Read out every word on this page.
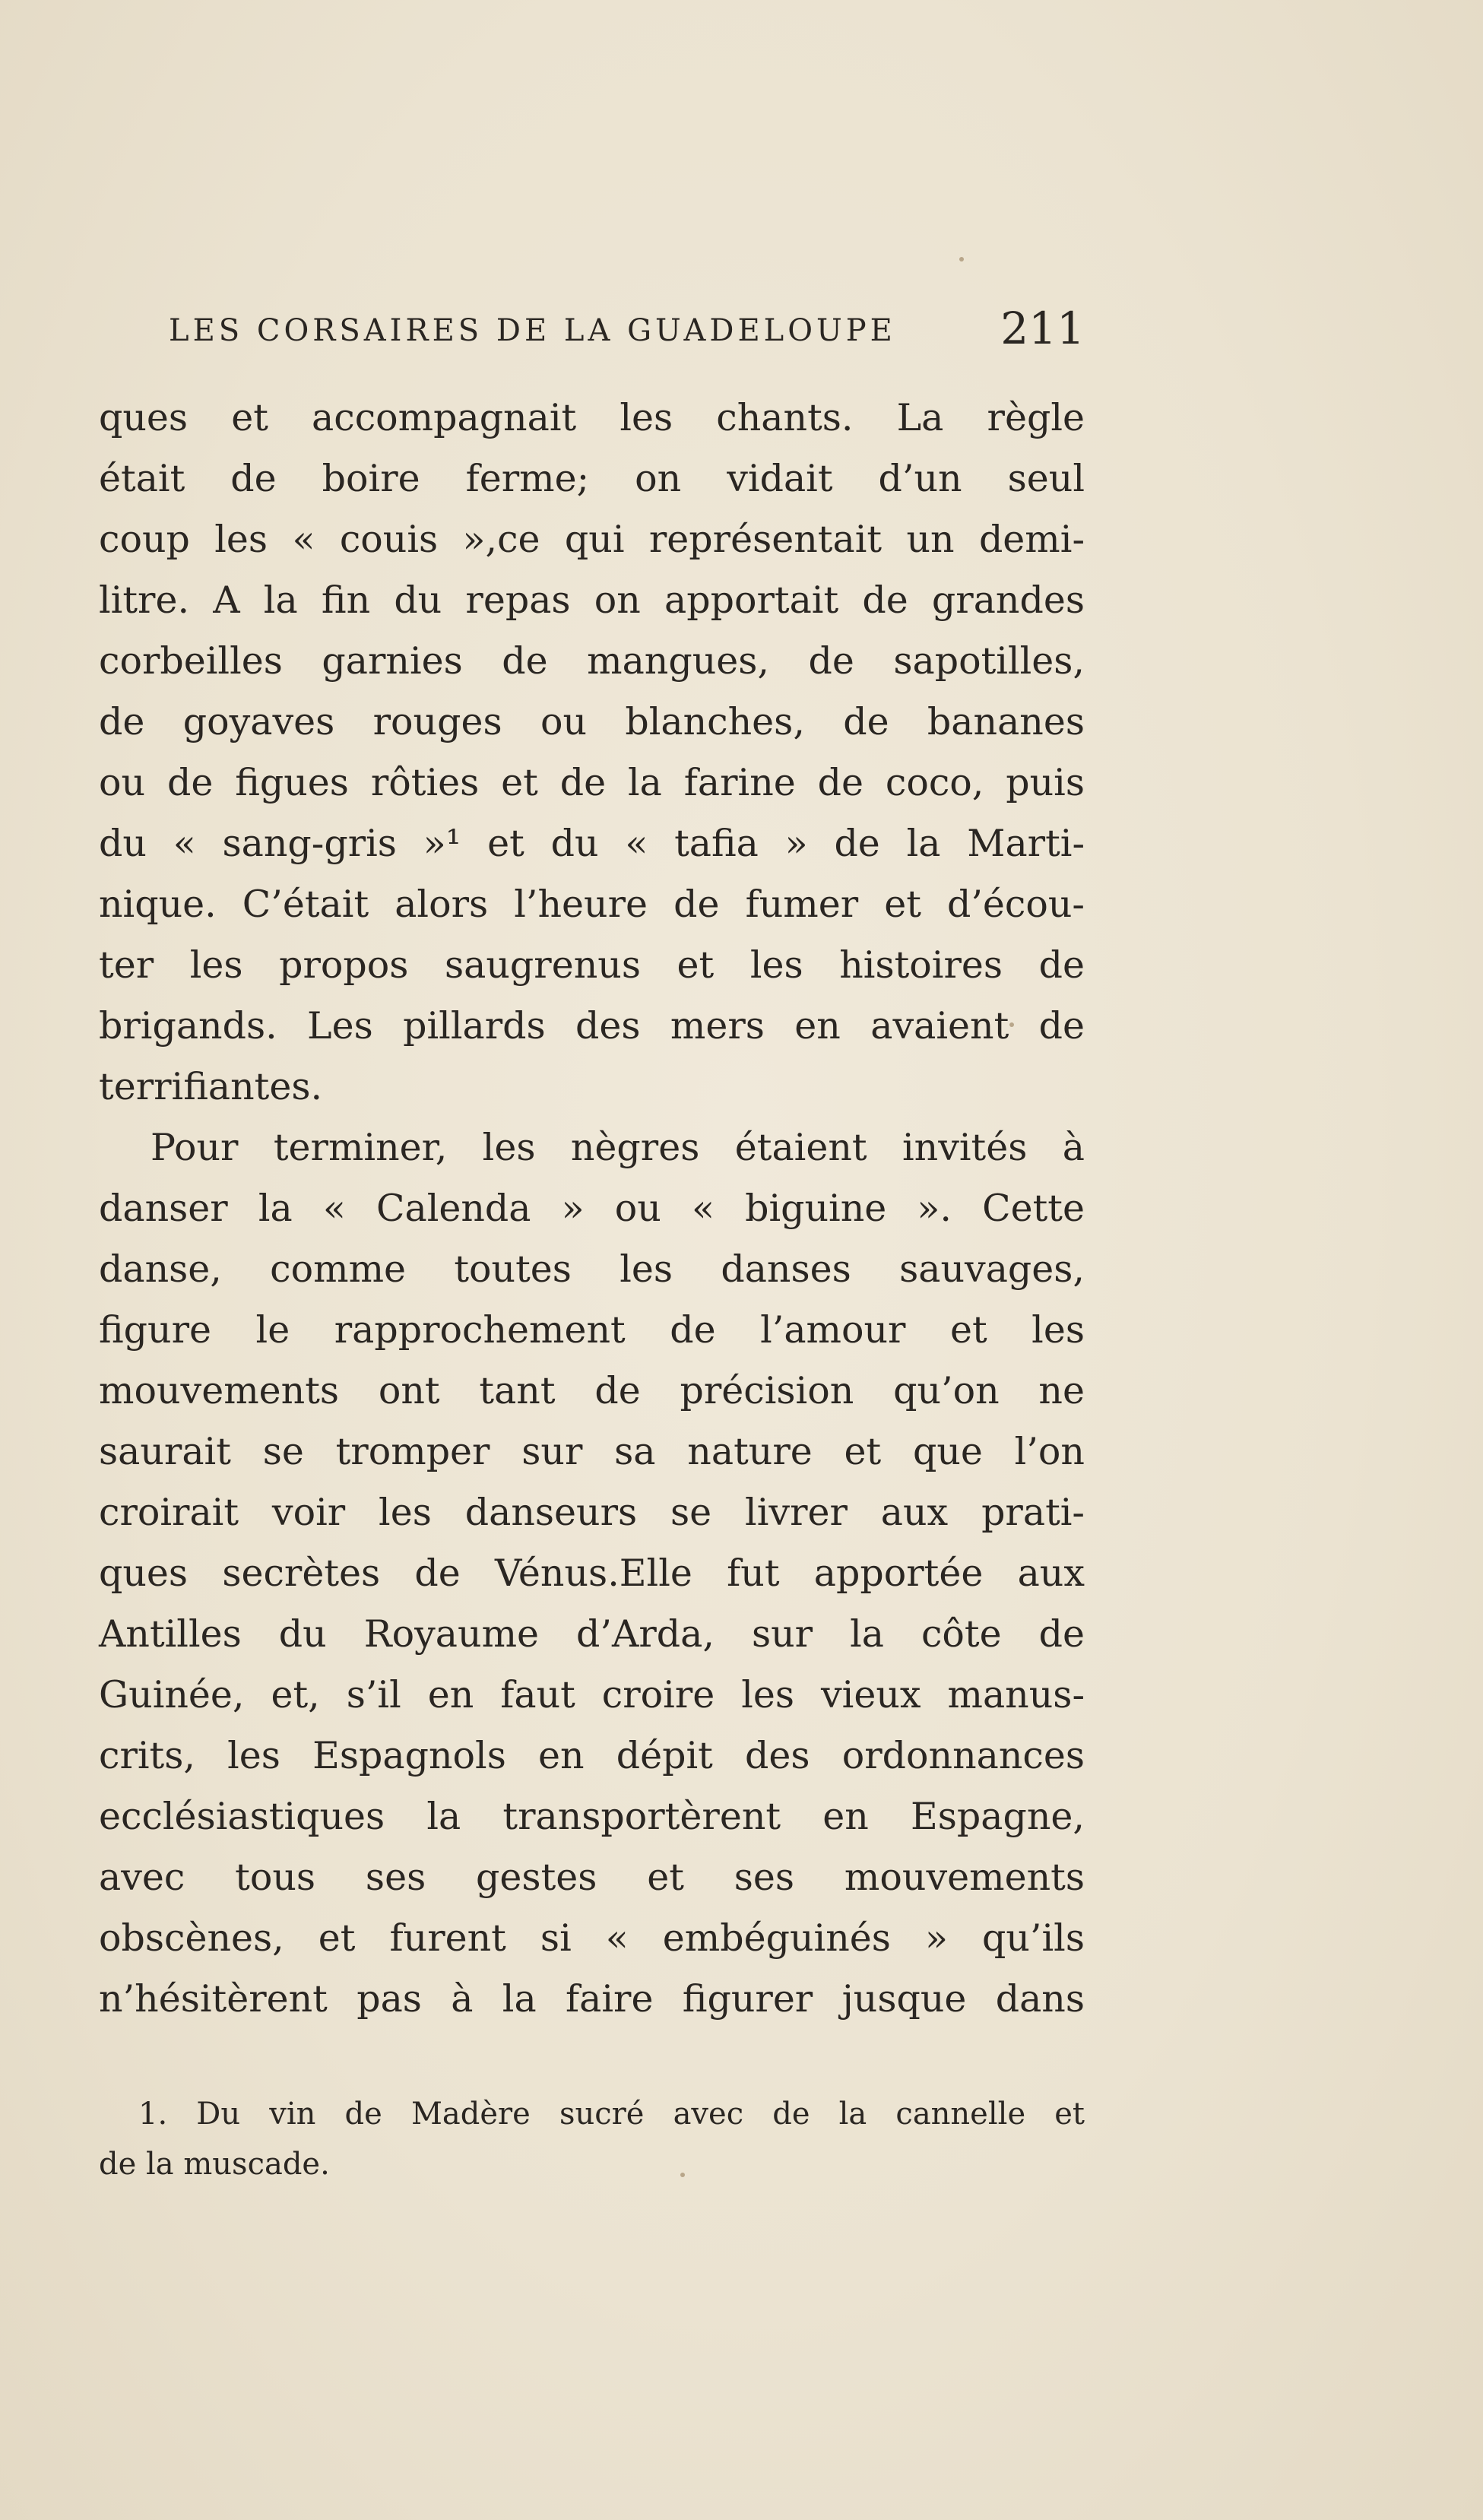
LES CORSAIRES DE LA GUADELOUPE 211
ques et accompagnait les chants. La règle
était de boire ferme; on vidait d’un seul
coup les « couis »,ce qui représentait un demi-
litre. A la fin du repas on apportait de grandes
corbeilles garnies de mangues, de sapotilles,
de goyaves rouges ou blanches, de bananes
ou de figues rôties et de la farine de coco, puis
du « sang-gris »¹ et du « tafia » de la Marti-
nique. C’était alors l’heure de fumer et d’écou-
ter les propos saugrenus et les histoires de
brigands. Les pillards des mers en avaient de
terrifiantes.
Pour terminer, les nègres étaient invités à
danser la « Calenda » ou « biguine ». Cette
danse, comme toutes les danses sauvages,
figure le rapprochement de l’amour et les
mouvements ont tant de précision qu’on ne
saurait se tromper sur sa nature et que l’on
croirait voir les danseurs se livrer aux prati-
ques secrètes de Vénus.Elle fut apportée aux
Antilles du Royaume d’Arda, sur la côte de
Guinée, et, s’il en faut croire les vieux manus-
crits, les Espagnols en dépit des ordonnances
ecclésiastiques la transportèrent en Espagne,
avec tous ses gestes et ses mouvements
obscènes, et furent si « embéguinés » qu’ils
n’hésitèrent pas à la faire figurer jusque dans
1. Du vin de Madère sucré avec de la cannelle et
de la muscade.
